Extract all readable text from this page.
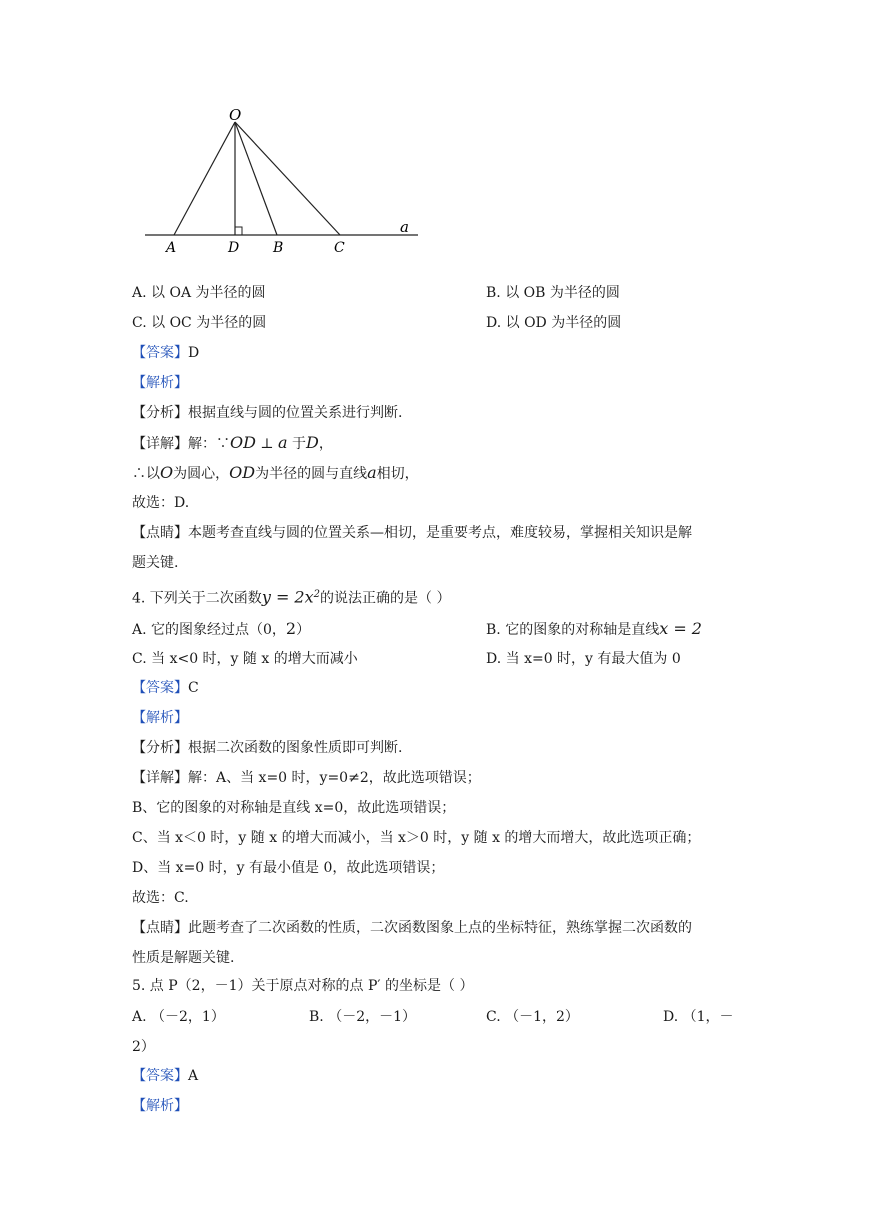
O
A	D B	C
a
A. 以 OA 为半径的圆	B. 以 OB 为半径的圆
C. 以 OC 为半径的圆	D. 以 OD 为半径的圆
【答案】D
【解析】
【分析】根据直线与圆的位置关系进行判断.
【详解】解：∵OD ⊥ a 于D，
∴以O为圆心，OD为半径的圆与直线a相切，
故选：D.
【点睛】本题考查直线与圆的位置关系—相切，是重要考点，难度较易，掌握相关知识是解
题关键.
4. 下列关于二次函数$y = 2x^2$的说法正确的是（ ）
A. 它的图象经过点（0，2）	B. 它的图象的对称轴是直线x = 2
C. 当 x<0 时，y 随 x 的增大而减小	D. 当 x=0 时，y 有最大值为 0
【答案】C
【解析】
【分析】根据二次函数的图象性质即可判断.
【详解】解：A、当 x=0 时，y=0≠2，故此选项错误；
B、它的图象的对称轴是直线 x=0，故此选项错误；
C、当 x＜0 时，y 随 x 的增大而减小，当 x＞0 时，y 随 x 的增大而增大，故此选项正确；
D、当 x=0 时，y 有最小值是 0，故此选项错误；
故选：C.
【点睛】此题考查了二次函数的性质，二次函数图象上点的坐标特征，熟练掌握二次函数的
性质是解题关键.
5. 点 P（2，－1）关于原点对称的点 P′ 的坐标是（ ）
A. （－2，1）	B. （－2，－1）	C. （－1，2）	D. （1，－
2）
【答案】A
【解析】
